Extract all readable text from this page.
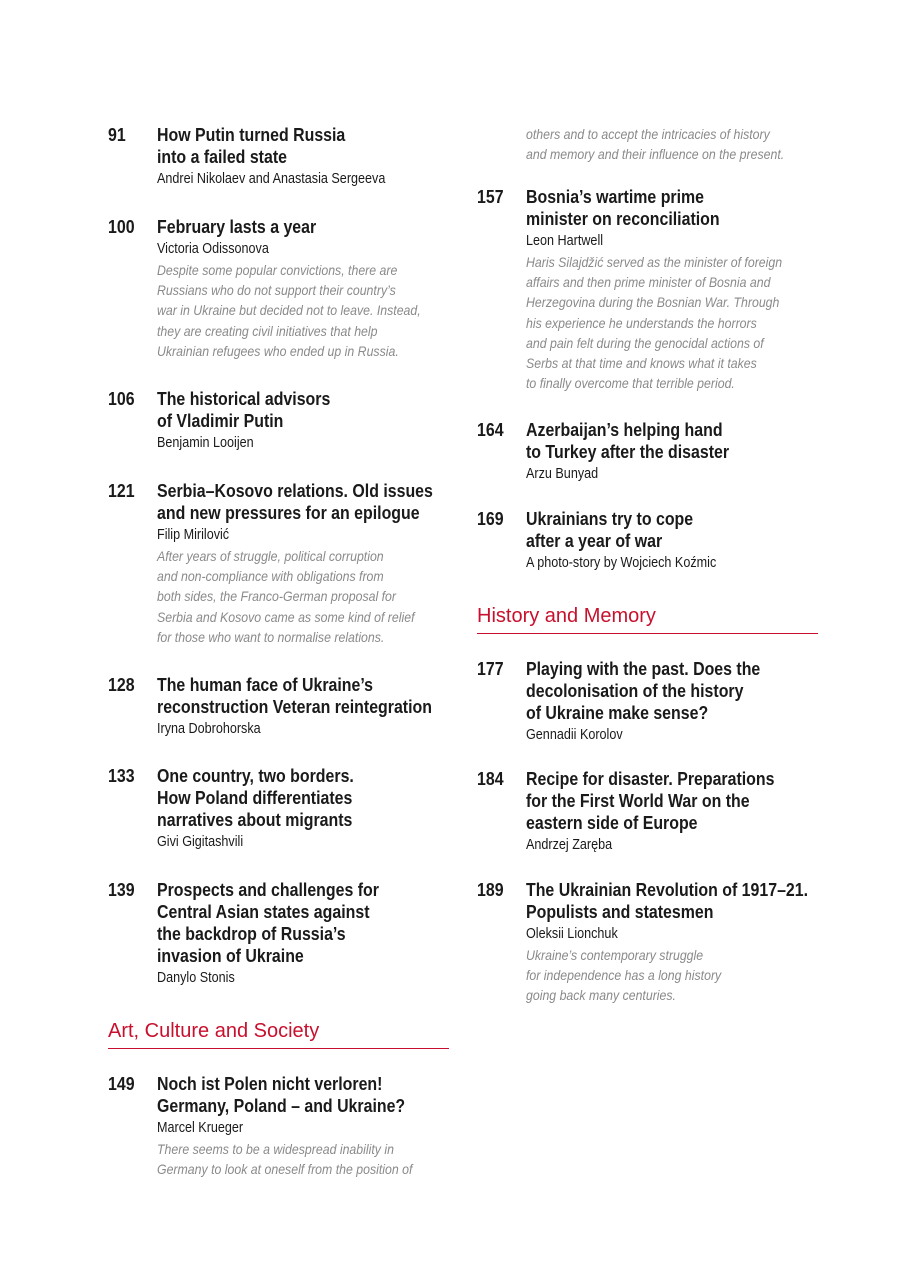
91 How Putin turned Russia
into a failed state
Andrei Nikolaev and Anastasia Sergeeva
100 February lasts a year
Victoria Odissonova
Despite some popular convictions, there are
Russians who do not support their country’s
war in Ukraine but decided not to leave. Instead,
they are creating civil initiatives that help
Ukrainian refugees who ended up in Russia.
106 The historical advisors
of Vladimir Putin
Benjamin Looijen
121 Serbia–Kosovo relations. Old issues
and new pressures for an epilogue
Filip Mirilović
After years of struggle, political corruption
and non-compliance with obligations from
both sides, the Franco-German proposal for
Serbia and Kosovo came as some kind of relief
for those who want to normalise relations.
128 The human face of Ukraine’s
reconstruction Veteran reintegration
Iryna Dobrohorska
133 One country, two borders.
How Poland differentiates
narratives about migrants
Givi Gigitashvili
139 Prospects and challenges for
Central Asian states against
the backdrop of Russia’s
invasion of Ukraine
Danylo Stonis
Art, Culture and Society
149 Noch ist Polen nicht verloren!
Germany, Poland – and Ukraine?
Marcel Krueger
There seems to be a widespread inability in
Germany to look at oneself from the position of
others and to accept the intricacies of history
and memory and their influence on the present.
157 Bosnia’s wartime prime
minister on reconciliation
Leon Hartwell
Haris Silajdžić served as the minister of foreign
affairs and then prime minister of Bosnia and
Herzegovina during the Bosnian War. Through
his experience he understands the horrors
and pain felt during the genocidal actions of
Serbs at that time and knows what it takes
to finally overcome that terrible period.
164 Azerbaijan’s helping hand
to Turkey after the disaster
Arzu Bunyad
169 Ukrainians try to cope
after a year of war
A photo-story by Wojciech Koźmic
History and Memory
177 Playing with the past. Does the
decolonisation of the history
of Ukraine make sense?
Gennadii Korolov
184 Recipe for disaster. Preparations
for the First World War on the
eastern side of Europe
Andrzej Zaręba
189 The Ukrainian Revolution of 1917–21.
Populists and statesmen
Oleksii Lionchuk
Ukraine’s contemporary struggle
for independence has a long history
going back many centuries.
